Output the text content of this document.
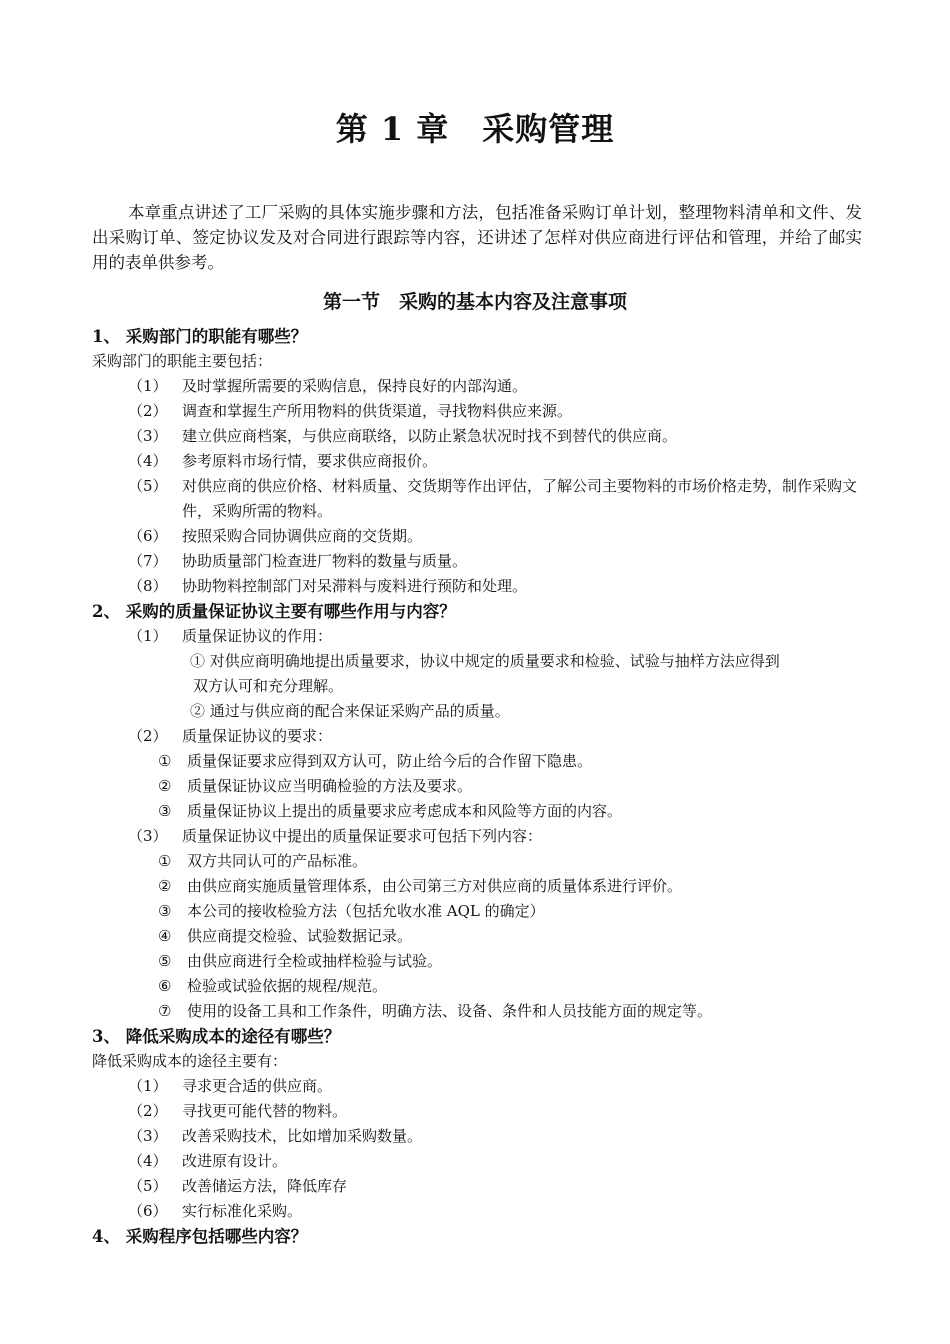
第 1 章　采购管理
本章重点讲述了工厂采购的具体实施步骤和方法，包括准备采购订单计划，整理物料清单和文件、发出采购订单、签定协议发及对合同进行跟踪等内容，还讲述了怎样对供应商进行评估和管理，并给了邮实用的表单供参考。
第一节　采购的基本内容及注意事项
1、 采购部门的职能有哪些？
采购部门的职能主要包括：
（1） 及时掌握所需要的采购信息，保持良好的内部沟通。
（2） 调查和掌握生产所用物料的供货渠道，寻找物料供应来源。
（3） 建立供应商档案，与供应商联络，以防止紧急状况时找不到替代的供应商。
（4） 参考原料市场行情，要求供应商报价。
（5） 对供应商的供应价格、材料质量、交货期等作出评估，了解公司主要物料的市场价格走势，制作采购文件，采购所需的物料。
（6） 按照采购合同协调供应商的交货期。
（7） 协助质量部门检查进厂物料的数量与质量。
（8） 协助物料控制部门对呆滞料与废料进行预防和处理。
2、 采购的质量保证协议主要有哪些作用与内容？
（1） 质量保证协议的作用：
① 对供应商明确地提出质量要求，协议中规定的质量要求和检验、试验与抽样方法应得到
双方认可和充分理解。
② 通过与供应商的配合来保证采购产品的质量。
（2） 质量保证协议的要求：
①	质量保证要求应得到双方认可，防止给今后的合作留下隐患。
②	质量保证协议应当明确检验的方法及要求。
③	质量保证协议上提出的质量要求应考虑成本和风险等方面的内容。
（3） 质量保证协议中提出的质量保证要求可包括下列内容：
①	双方共同认可的产品标准。
②	由供应商实施质量管理体系，由公司第三方对供应商的质量体系进行评价。
③	本公司的接收检验方法（包括允收水准 AQL 的确定）
④	供应商提交检验、试验数据记录。
⑤	由供应商进行全检或抽样检验与试验。
⑥	检验或试验依据的规程/规范。
⑦	使用的设备工具和工作条件，明确方法、设备、条件和人员技能方面的规定等。
3、 降低采购成本的途径有哪些？
降低采购成本的途径主要有：
（1） 寻求更合适的供应商。
（2） 寻找更可能代替的物料。
（3） 改善采购技术，比如增加采购数量。
（4） 改进原有设计。
（5） 改善储运方法，降低库存
（6） 实行标准化采购。
4、 采购程序包括哪些内容？
